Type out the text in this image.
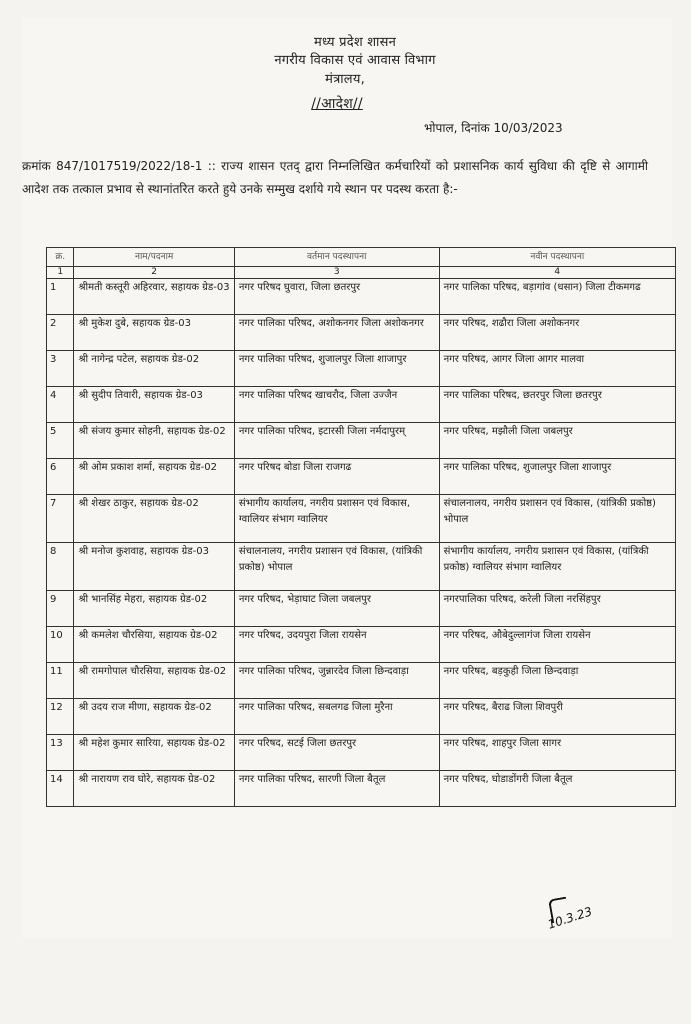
मध्य प्रदेश शासन
नगरीय विकास एवं आवास विभाग
मंत्रालय,
//आदेश//
भोपाल, दिनांक 10/03/2023
क्रमांक 847/1017519/2022/18-1 :: राज्य शासन एतद् द्वारा निम्नलिखित कर्मचारियों को प्रशासनिक कार्य सुविधा की दृष्टि से आगामी आदेश तक तत्काल प्रभाव से स्थानांतरित करते हुये उनके सम्मुख दर्शाये गये स्थान पर पदस्थ करता है:-
क्र.	नाम/पदनाम	वर्तमान पदस्थापना	नवीन पदस्थापना
1	2	3	4
1	श्रीमती कस्तूरी अहिरवार, सहायक ग्रेड-03	नगर परिषद घुवारा, जिला छतरपुर	नगर पालिका परिषद, बड़ागांव (धसान) जिला टीकमगढ
2	श्री मुकेश दुबे, सहायक ग्रेड-03	नगर पालिका परिषद, अशोकनगर जिला अशोकनगर	नगर परिषद, शढौरा जिला अशोकनगर
3	श्री नागेन्द्र पटेल, सहायक ग्रेड-02	नगर पालिका परिषद, शुजालपुर जिला शाजापुर	नगर परिषद, आगर जिला आगर मालवा
4	श्री सुदीप तिवारी, सहायक ग्रेड-03	नगर पालिका परिषद खाचरौद, जिला उज्जैन	नगर पालिका परिषद, छतरपुर जिला छतरपुर
5	श्री संजय कुमार सोहनी, सहायक ग्रेड-02	नगर पालिका परिषद, इटारसी जिला नर्मदापुरम्	नगर परिषद, मझौली जिला जबलपुर
6	श्री ओम प्रकाश शर्मा, सहायक ग्रेड-02	नगर परिषद बोडा जिला राजगढ	नगर पालिका परिषद, शुजालपुर जिला शाजापुर
7	श्री शेखर ठाकुर, सहायक ग्रेड-02	संभागीय कार्यालय, नगरीय प्रशासन एवं विकास, ग्वालियर संभाग ग्वालियर	संचालनालय, नगरीय प्रशासन एवं विकास, (यांत्रिकी प्रकोष्ठ) भोपाल
8	श्री मनोज कुशवाह, सहायक ग्रेड-03	संचालनालय, नगरीय प्रशासन एवं विकास, (यांत्रिकी प्रकोष्ठ) भोपाल	संभागीय कार्यालय, नगरीय प्रशासन एवं विकास, (यांत्रिकी प्रकोष्ठ) ग्वालियर संभाग ग्वालियर
9	श्री भानसिंह मेहरा, सहायक ग्रेड-02	नगर परिषद, भेड़ाघाट जिला जबलपुर	नगरपालिका परिषद, करेली जिला नरसिंहपुर
10	श्री कमलेश चौरसिया, सहायक ग्रेड-02	नगर परिषद, उदयपुरा जिला रायसेन	नगर परिषद, औबेदुल्लागंज जिला रायसेन
11	श्री रामगोपाल चौरसिया, सहायक ग्रेड-02	नगर पालिका परिषद, जुन्नारदेव जिला छिन्दवाड़ा	नगर परिषद, बड़कुही जिला छिन्दवाड़ा
12	श्री उदय राज मीणा, सहायक ग्रेड-02	नगर पालिका परिषद, सबलगढ जिला मुरैना	नगर परिषद, बैराढ जिला शिवपुरी
13	श्री महेश कुमार सारिया, सहायक ग्रेड-02	नगर परिषद, सटई जिला छतरपुर	नगर परिषद, शाहपुर जिला सागर
14	श्री नारायण राव घोरे, सहायक ग्रेड-02	नगर पालिका परिषद, सारणी जिला बैतूल	नगर परिषद, घोडाडोंगरी जिला बैतूल
10.3.23
